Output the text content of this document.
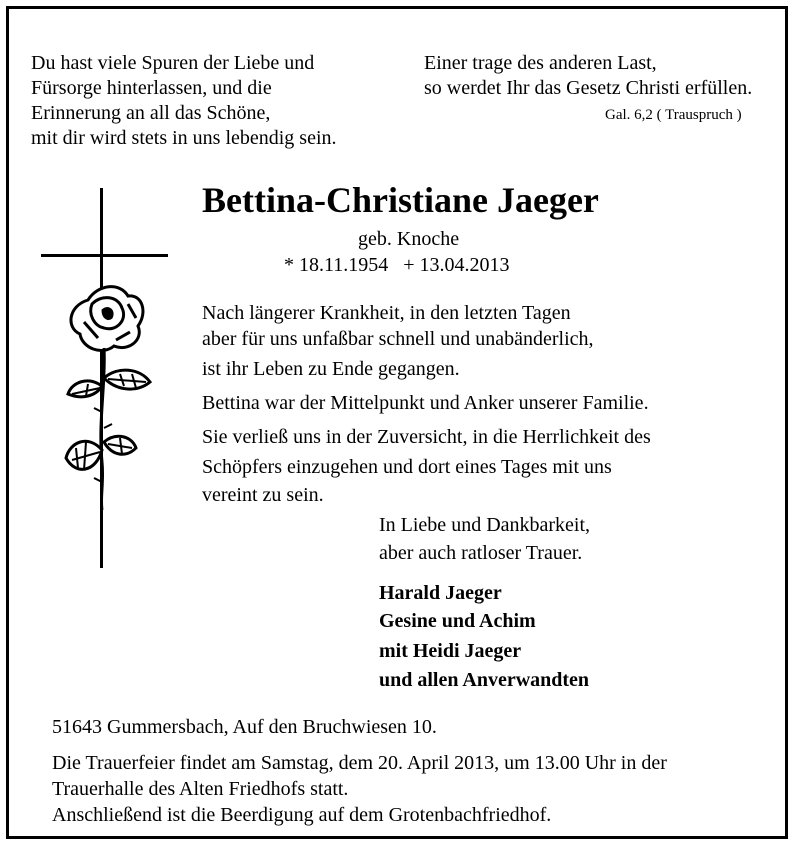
Du hast viele Spuren der Liebe und
Fürsorge hinterlassen, und die
Erinnerung an all das Schöne,
mit dir wird stets in uns lebendig sein.
Einer trage des anderen Last,
so werdet Ihr das Gesetz Christi erfüllen.
Gal. 6,2 ( Trauspruch )
Bettina-Christiane Jaeger
geb. Knoche
* 18.11.1954   + 13.04.2013
Nach längerer Krankheit, in den letzten Tagen
aber für uns unfaßbar schnell und unabänderlich,
ist ihr Leben zu Ende gegangen.
Bettina war der Mittelpunkt und Anker unserer Familie.
Sie verließ uns in der Zuversicht, in die Herrlichkeit des
Schöpfers einzugehen und dort eines Tages mit uns
vereint zu sein.
In Liebe und Dankbarkeit,
aber auch ratloser Trauer.
Harald Jaeger
Gesine und Achim
mit Heidi Jaeger
und allen Anverwandten
51643 Gummersbach, Auf den Bruchwiesen 10.
Die Trauerfeier findet am Samstag, dem 20. April 2013, um 13.00 Uhr in der
Trauerhalle des Alten Friedhofs statt.
Anschließend ist die Beerdigung auf dem Grotenbachfriedhof.
